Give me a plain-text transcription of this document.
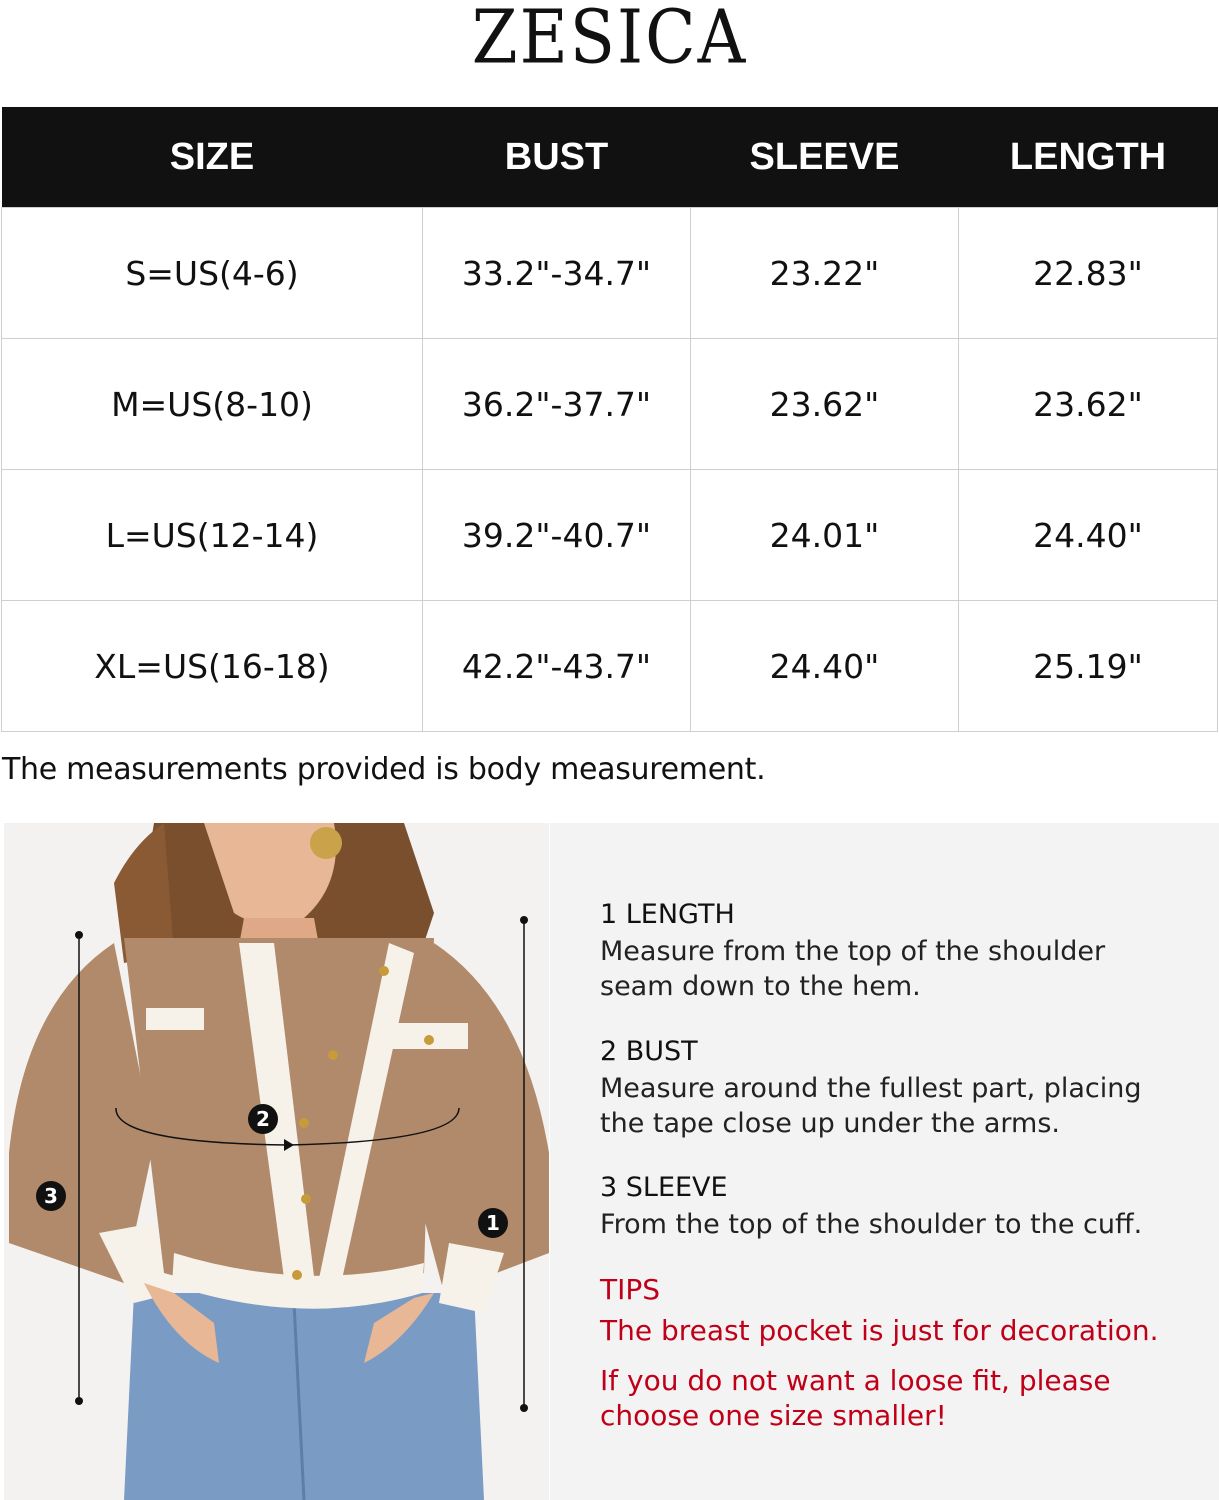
ZESICA
SIZE	BUST	SLEEVE	LENGTH
S=US(4-6)	33.2"-34.7"	23.22"	22.83"
M=US(8-10)	36.2"-37.7"	23.62"	23.62"
L=US(12-14)	39.2"-40.7"	24.01"	24.40"
XL=US(16-18)	42.2"-43.7"	24.40"	25.19"
The measurements provided is body measurement.
2
3
1
1 LENGTH
Measure from the top of the shoulder seam down to the hem.
2 BUST
Measure around the fullest part, placing the tape close up under the arms.
3 SLEEVE
From the top of the shoulder to the cuff.
TIPS
The breast pocket is just for decoration.
If you do not want a loose fit, please choose one size smaller!
